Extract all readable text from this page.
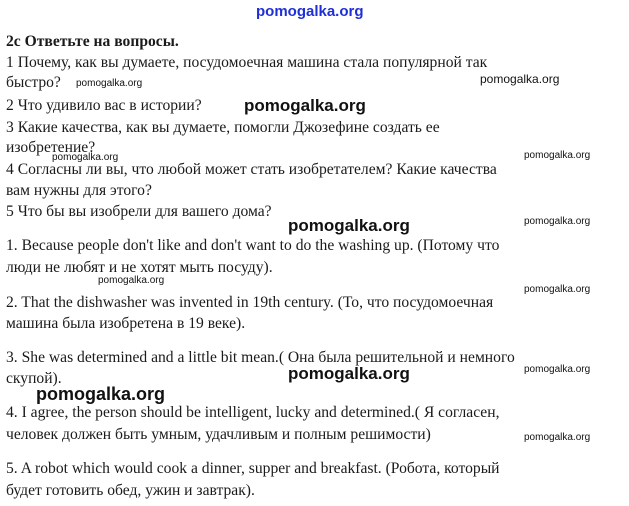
pomogalka.org
2c Ответьте на вопросы.
1 Почему, как вы думаете, посудомоечная машина стала популярной так
быстро?
2 Что удивило вас в истории?
3 Какие качества, как вы думаете, помогли Джозефине создать ее
изобретение?
4 Согласны ли вы, что любой может стать изобретателем? Какие качества
вам нужны для этого?
5 Что бы вы изобрели для вашего дома?
1. Because people don't like and don't want to do the washing up. (Потому что
люди не любят и не хотят мыть посуду).
2. That the dishwasher was invented in 19th century. (То, что посудомоечная
машина была изобретена в 19 веке).
3. She was determined and a little bit mean.( Она была решительной и немного
скупой).
4. I agree, the person should be intelligent, lucky and determined.( Я согласен,
человек должен быть умным, удачливым и полным решимости)
5. A robot which would cook a dinner, supper and breakfast. (Робота, который
будет готовить обед, ужин и завтрак).
pomogalka.org	pomogalka.org
pomogalka.org
pomogalka.org	pomogalka.org
pomogalka.org
pomogalka.org
pomogalka.org
pomogalka.org
pomogalka.org	pomogalka.org
pomogalka.org
pomogalka.org
